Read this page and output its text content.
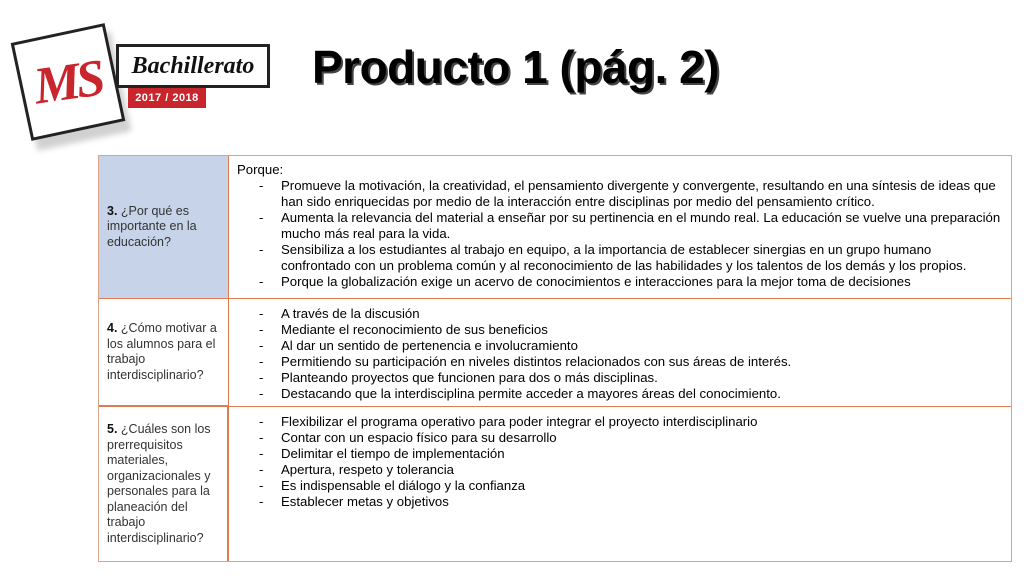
MS Bachillerato
2017 / 2018
Producto 1 (pág. 2)
3. ¿Por qué es importante en la educación?
Porque:
- Promueve la motivación, la creatividad, el pensamiento divergente y convergente, resultando en una síntesis de ideas que han sido enriquecidas por medio de la interacción entre disciplinas por medio del pensamiento crítico.
- Aumenta la relevancia del material a enseñar por su pertinencia en el mundo real. La educación se vuelve una preparación mucho más real para la vida.
- Sensibiliza a los estudiantes al trabajo en equipo, a la importancia de establecer sinergias en un grupo humano confrontado con un problema común y al reconocimiento de las habilidades y los talentos de los demás y los propios.
- Porque la globalización exige un acervo de conocimientos e interacciones para la mejor toma de decisiones
4. ¿Cómo motivar a los alumnos para el trabajo interdisciplinario?
- A través de la discusión
- Mediante el reconocimiento de sus beneficios
- Al dar un sentido de pertenencia e involucramiento
- Permitiendo su participación en niveles distintos relacionados con sus áreas de interés.
- Planteando proyectos que funcionen para dos o más disciplinas.
- Destacando que la interdisciplina permite acceder a mayores áreas del conocimiento.
5. ¿Cuáles son los prerrequisitos materiales, organizacionales y personales para la planeación del trabajo interdisciplinario?
- Flexibilizar el programa operativo para poder integrar el proyecto interdisciplinario
- Contar con un espacio físico para su desarrollo
- Delimitar el tiempo de implementación
- Apertura, respeto y tolerancia
- Es indispensable el diálogo y la confianza
- Establecer metas y objetivos
